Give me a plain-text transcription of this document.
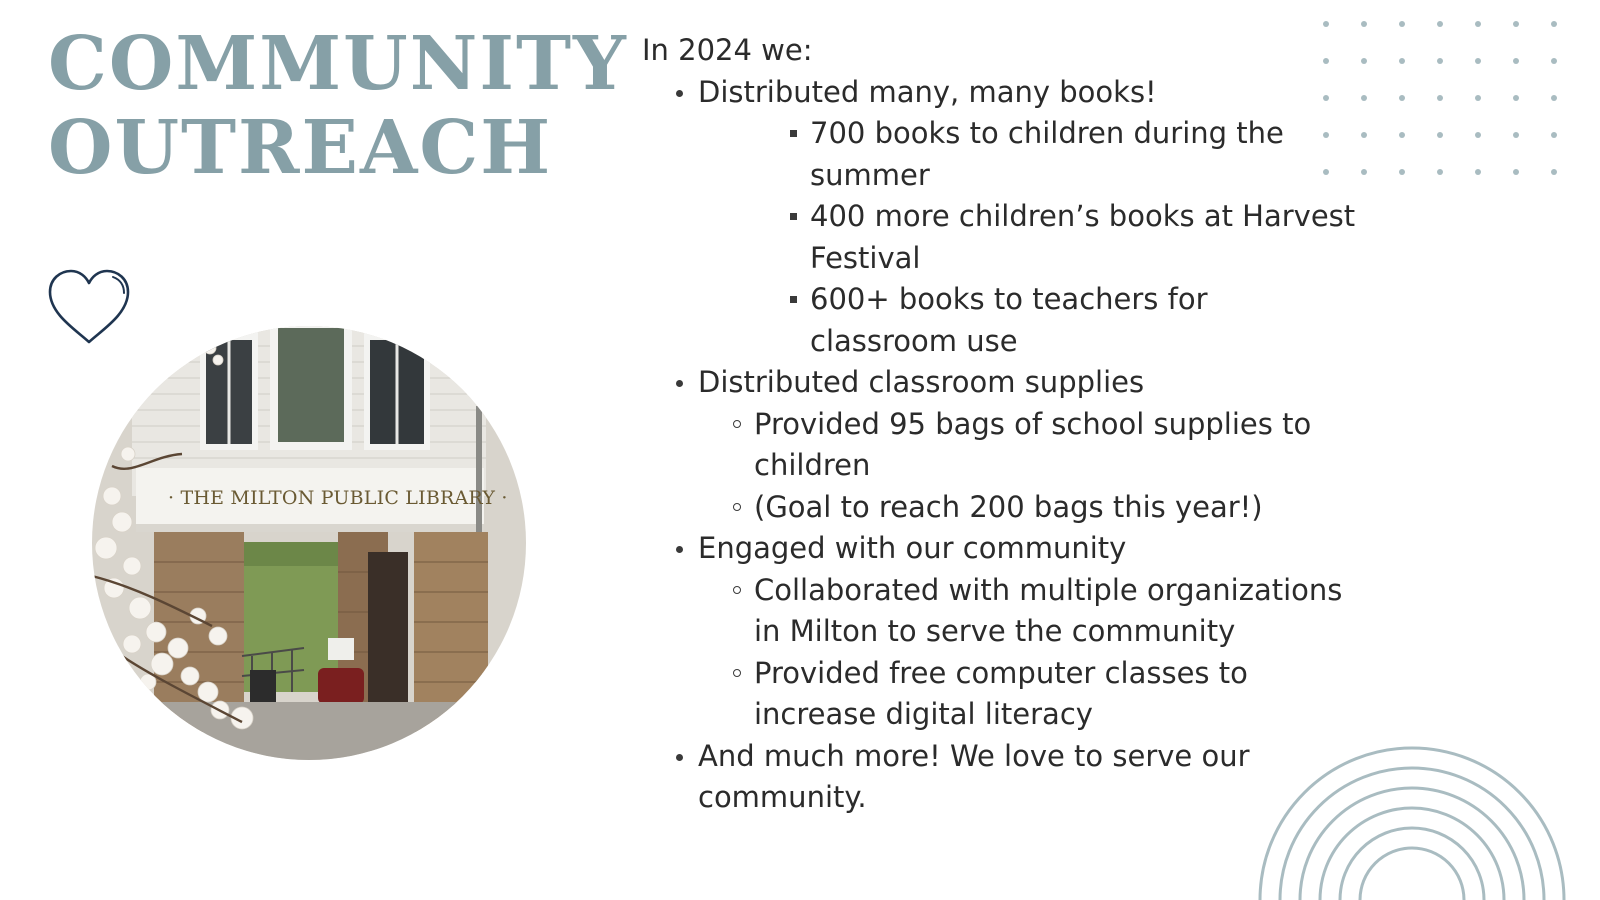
COMMUNITY
OUTREACH
· THE MILTON PUBLIC LIBRARY ·

In 2024 we:

Distributed many, many books!
700 books to children during the summer
400 more children’s books at Harvest Festival
600+ books to teachers for classroom use
Distributed classroom supplies
Provided 95 bags of school supplies to children
(Goal to reach 200 bags this year!)
Engaged with our community
Collaborated with multiple organizations in Milton to serve the community
Provided free computer classes to increase digital literacy
And much more! We love to serve our community.
